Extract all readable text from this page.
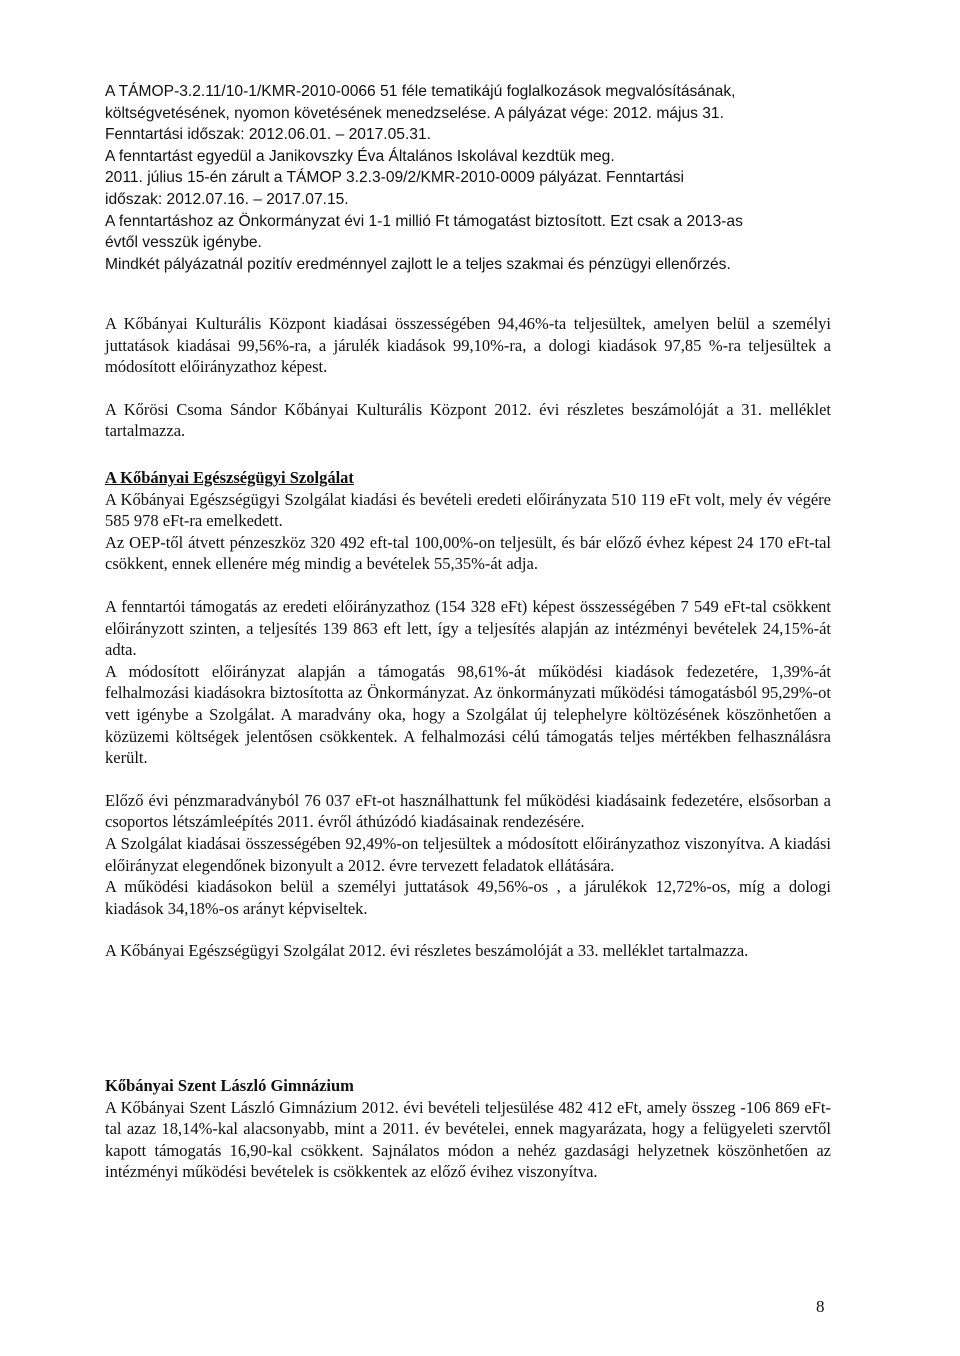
A TÁMOP-3.2.11/10-1/KMR-2010-0066 51 féle tematikájú foglalkozások megvalósításának,

költségvetésének, nyomon követésének menedzselése. A pályázat vége: 2012. május 31.

Fenntartási időszak: 2012.06.01. – 2017.05.31.

A fenntartást egyedül a Janikovszky Éva Általános Iskolával kezdtük meg.

2011. július 15-én zárult a TÁMOP 3.2.3-09/2/KMR-2010-0009 pályázat. Fenntartási

időszak: 2012.07.16. – 2017.07.15.

A fenntartáshoz az Önkormányzat évi 1-1 millió Ft támogatást biztosított. Ezt csak a 2013-as

évtől vesszük igénybe.

Mindkét pályázatnál pozitív eredménnyel zajlott le a teljes szakmai és pénzügyi ellenőrzés.

A Kőbányai Kulturális Központ kiadásai összességében 94,46%-ta teljesültek, amelyen belül a személyi juttatások kiadásai 99,56%-ra, a járulék kiadások 99,10%-ra, a dologi kiadások 97,85 %-ra teljesültek a módosított előirányzathoz képest.

A Kőrösi Csoma Sándor Kőbányai Kulturális Központ 2012. évi részletes beszámolóját a 31. melléklet tartalmazza.

A Kőbányai Egészségügyi Szolgálat

A Kőbányai Egészségügyi Szolgálat kiadási és bevételi eredeti előirányzata 510 119 eFt volt, mely év végére 585 978 eFt-ra emelkedett.

Az OEP-től átvett pénzeszköz 320 492 eft-tal 100,00%-on teljesült, és bár előző évhez képest 24 170 eFt-tal csökkent, ennek ellenére még mindig a bevételek 55,35%-át adja.

A fenntartói támogatás az eredeti előirányzathoz (154 328 eFt) képest összességében 7 549 eFt-tal csökkent előirányzott szinten, a teljesítés 139 863 eft lett, így a teljesítés alapján az intézményi bevételek 24,15%-át adta.

A módosított előirányzat alapján a támogatás 98,61%-át működési kiadások fedezetére, 1,39%-át felhalmozási kiadásokra biztosította az Önkormányzat. Az önkormányzati működési támogatásból 95,29%-ot vett igénybe a Szolgálat. A maradvány oka, hogy a Szolgálat új telephelyre költözésének köszönhetően a közüzemi költségek jelentősen csökkentek. A felhalmozási célú támogatás teljes mértékben felhasználásra került.

Előző évi pénzmaradványból 76 037 eFt-ot használhattunk fel működési kiadásaink fedezetére, elsősorban a csoportos létszámleépítés 2011. évről áthúzódó kiadásainak rendezésére.

A Szolgálat kiadásai összességében 92,49%-on teljesültek a módosított előirányzathoz viszonyítva. A kiadási előirányzat elegendőnek bizonyult a 2012. évre tervezett feladatok ellátására.

A működési kiadásokon belül a személyi juttatások 49,56%-os , a járulékok 12,72%-os, míg a dologi kiadások 34,18%-os arányt képviseltek.

A Kőbányai Egészségügyi Szolgálat 2012. évi részletes beszámolóját a 33. melléklet tartalmazza.

Kőbányai Szent László Gimnázium

A Kőbányai Szent László Gimnázium 2012. évi bevételi teljesülése 482 412 eFt, amely összeg -106 869 eFt-tal azaz 18,14%-kal alacsonyabb, mint a 2011. év bevételei, ennek magyarázata, hogy a felügyeleti szervtől kapott támogatás 16,90-kal csökkent. Sajnálatos módon a nehéz gazdasági helyzetnek köszönhetően az intézményi működési bevételek is csökkentek az előző évihez viszonyítva.

8
